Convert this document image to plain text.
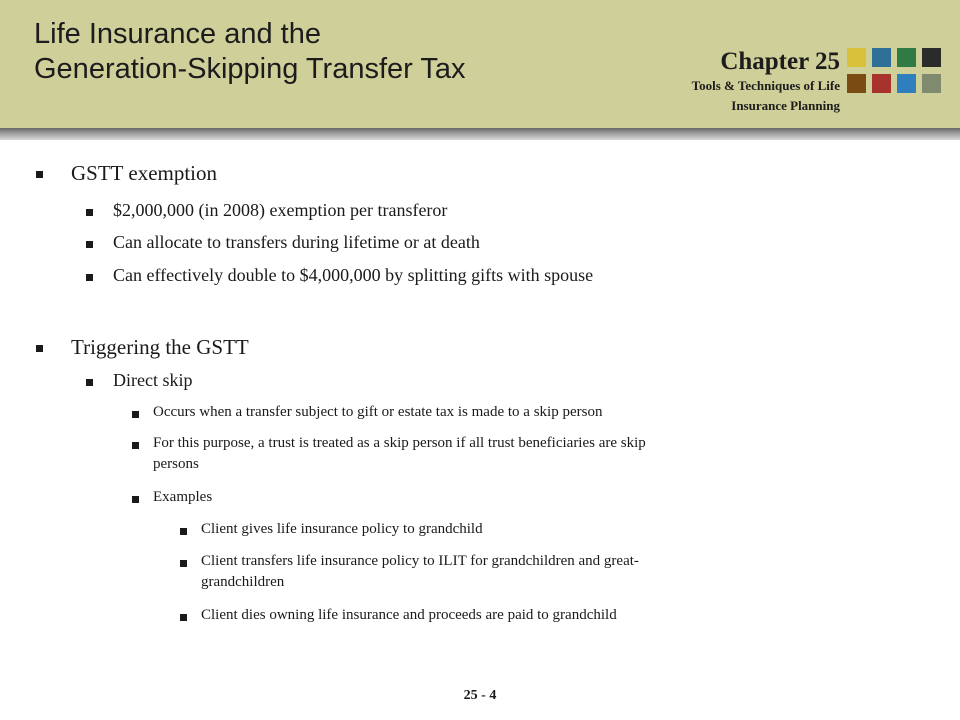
Life Insurance and the
Generation-Skipping Transfer Tax	Chapter 25
Tools & Techniques of Life
Insurance Planning
GSTT exemption
$2,000,000 (in 2008) exemption per transferor
Can allocate to transfers during lifetime or at death
Can effectively double to $4,000,000 by splitting gifts with spouse
Triggering the GSTT
Direct skip
Occurs when a transfer subject to gift or estate tax is made to a skip person
For this purpose, a trust is treated as a skip person if all trust beneficiaries are skip
persons
Examples
Client gives life insurance policy to grandchild
Client transfers life insurance policy to ILIT for grandchildren and great-
grandchildren
Client dies owning life insurance and proceeds are paid to grandchild
25 - 4
